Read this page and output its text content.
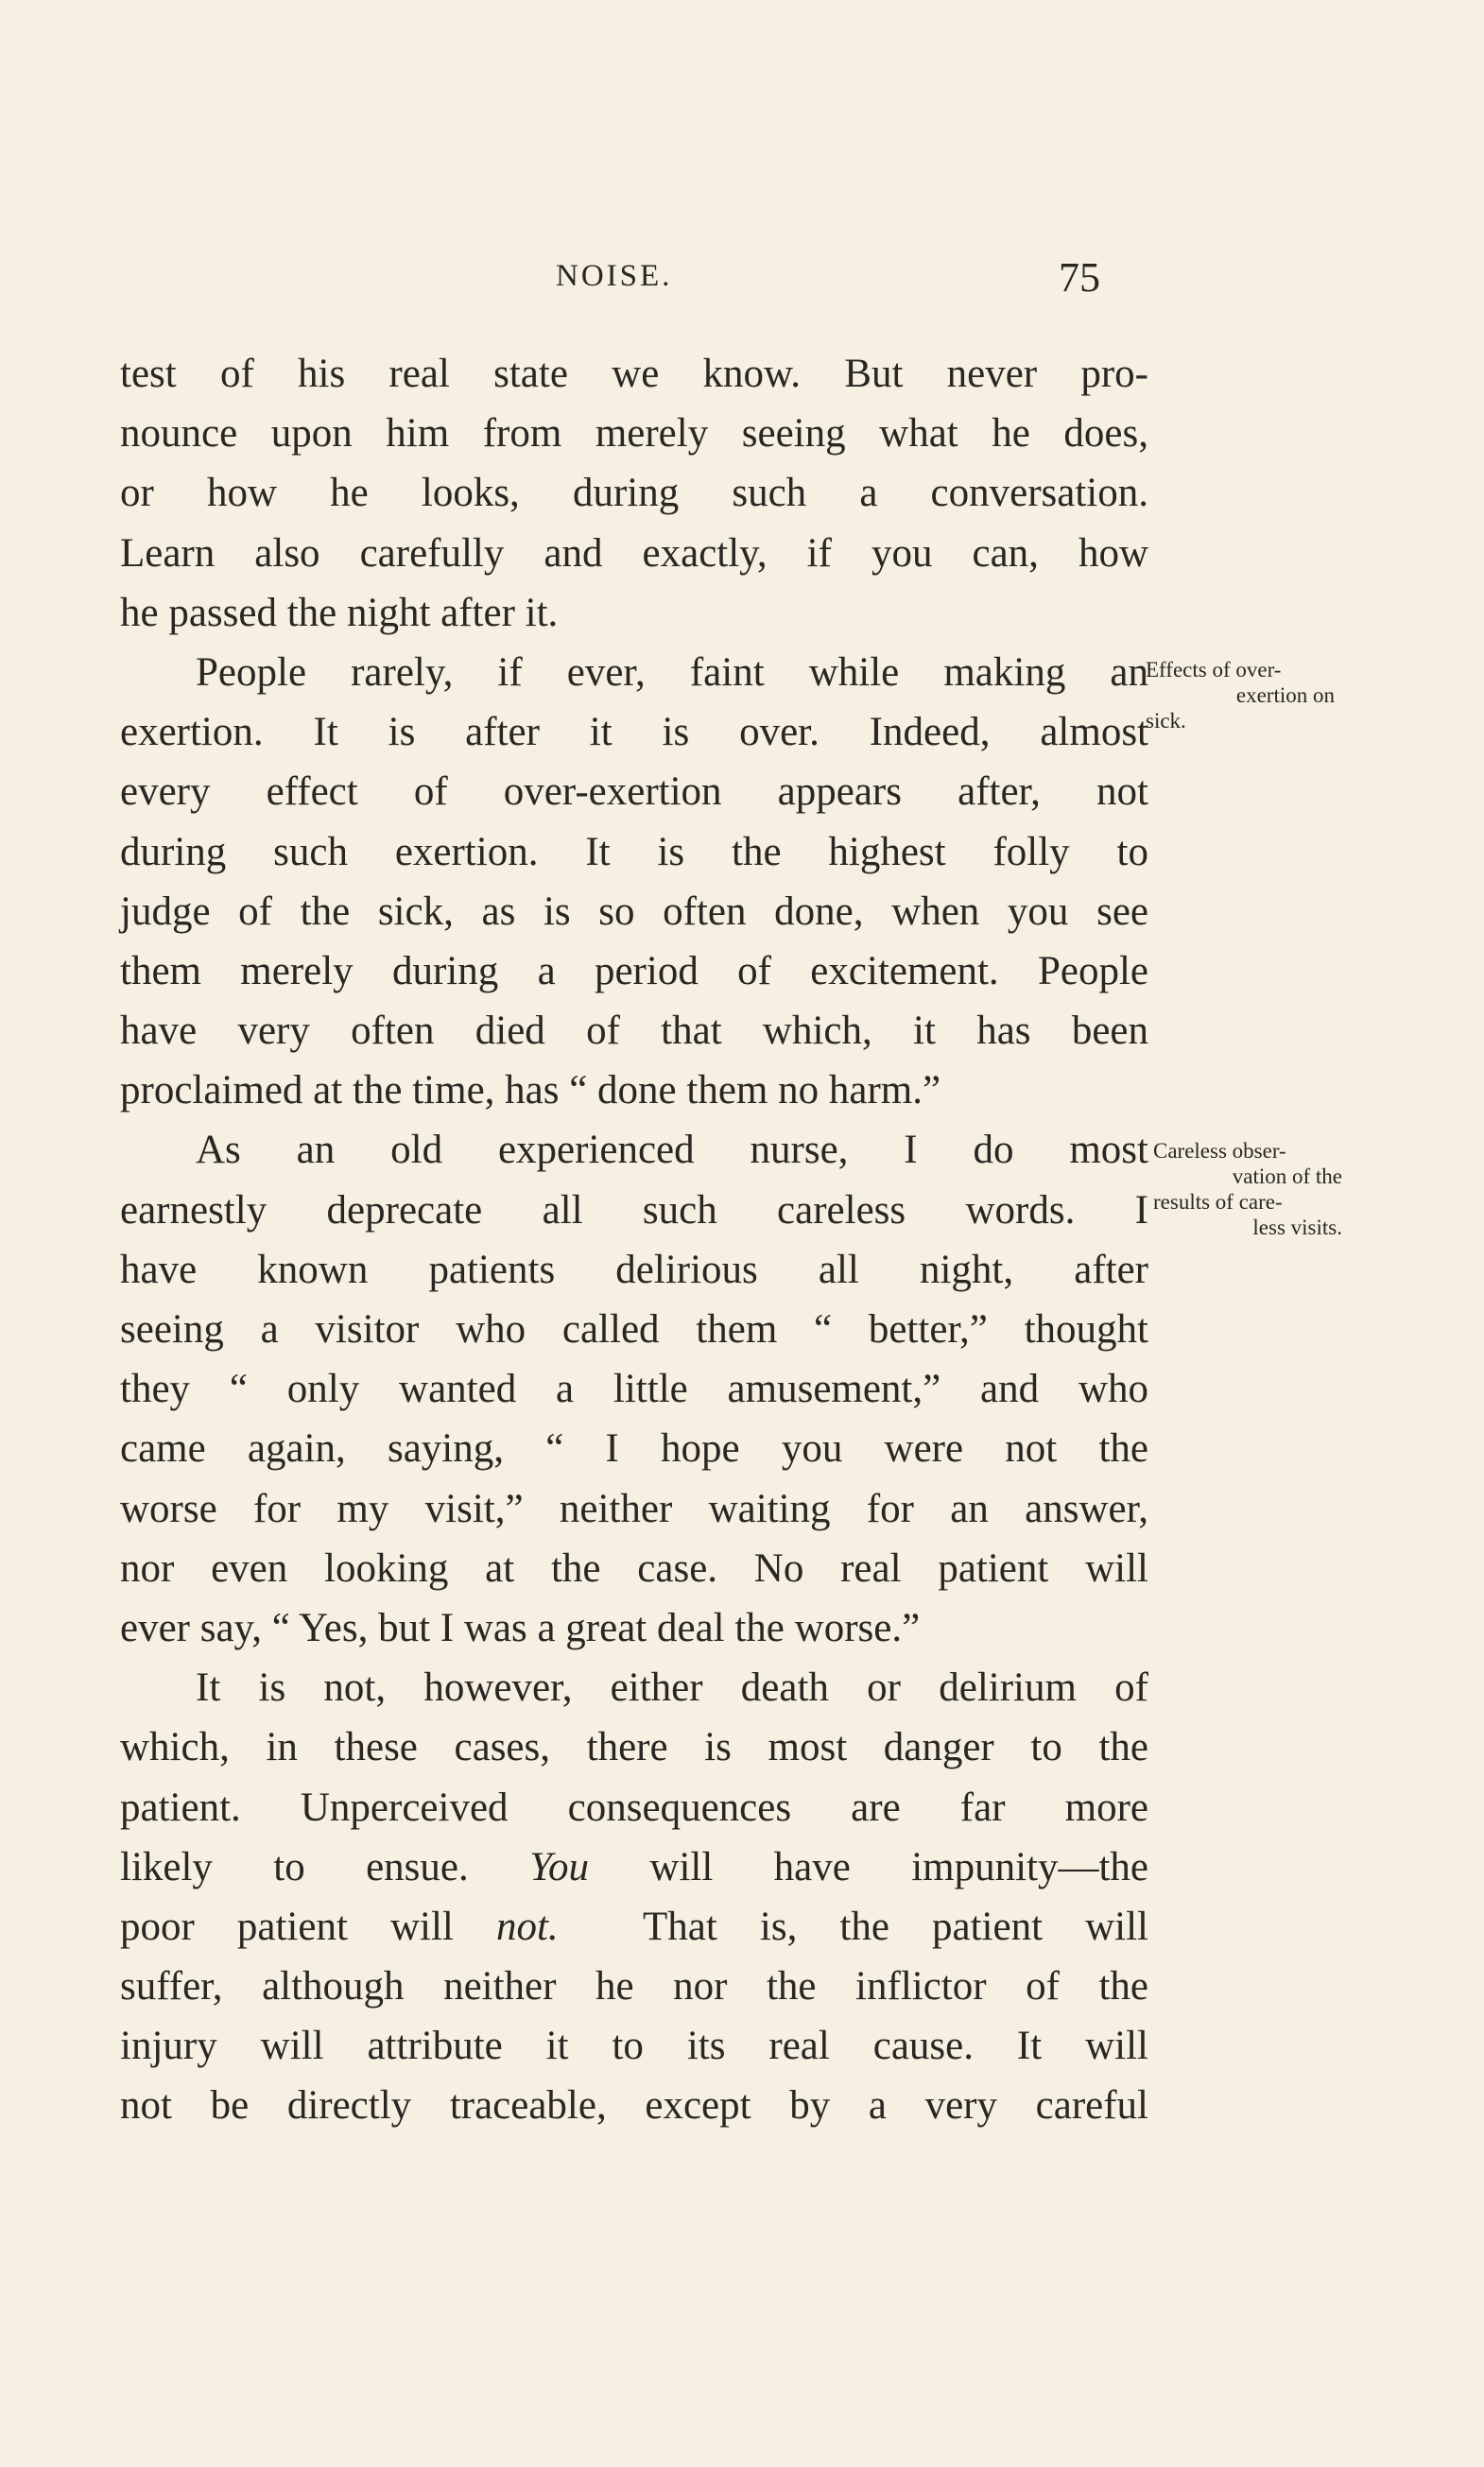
NOISE.	75
test of his real state we know. But never pro-
nounce upon him from merely seeing what he does,
or how he looks, during such a conversation.
Learn also carefully and exactly, if you can, how
he passed the night after it.
People rarely, if ever, faint while making an
exertion. It is after it is over. Indeed, almost
every effect of over-exertion appears after, not
during such exertion. It is the highest folly to
judge of the sick, as is so often done, when you see
them merely during a period of excitement. People
have very often died of that which, it has been
proclaimed at the time, has “ done them no harm.”
As an old experienced nurse, I do most
earnestly deprecate all such careless words. I
have known patients delirious all night, after
seeing a visitor who called them “ better,” thought
they “ only wanted a little amusement,” and who
came again, saying, “ I hope you were not the
worse for my visit,” neither waiting for an answer,
nor even looking at the case. No real patient will
ever say, “ Yes, but I was a great deal the worse.”
It is not, however, either death or delirium of
which, in these cases, there is most danger to the
patient. Unperceived consequences are far more
likely to ensue. You will have impunity—the
poor patient will not. That is, the patient will
suffer, although neither he nor the inflictor of the
injury will attribute it to its real cause. It will
not be directly traceable, except by a very careful
Effects of over-
exertion on
sick.
Careless obser-
vation of the
results of care-
less visits.
